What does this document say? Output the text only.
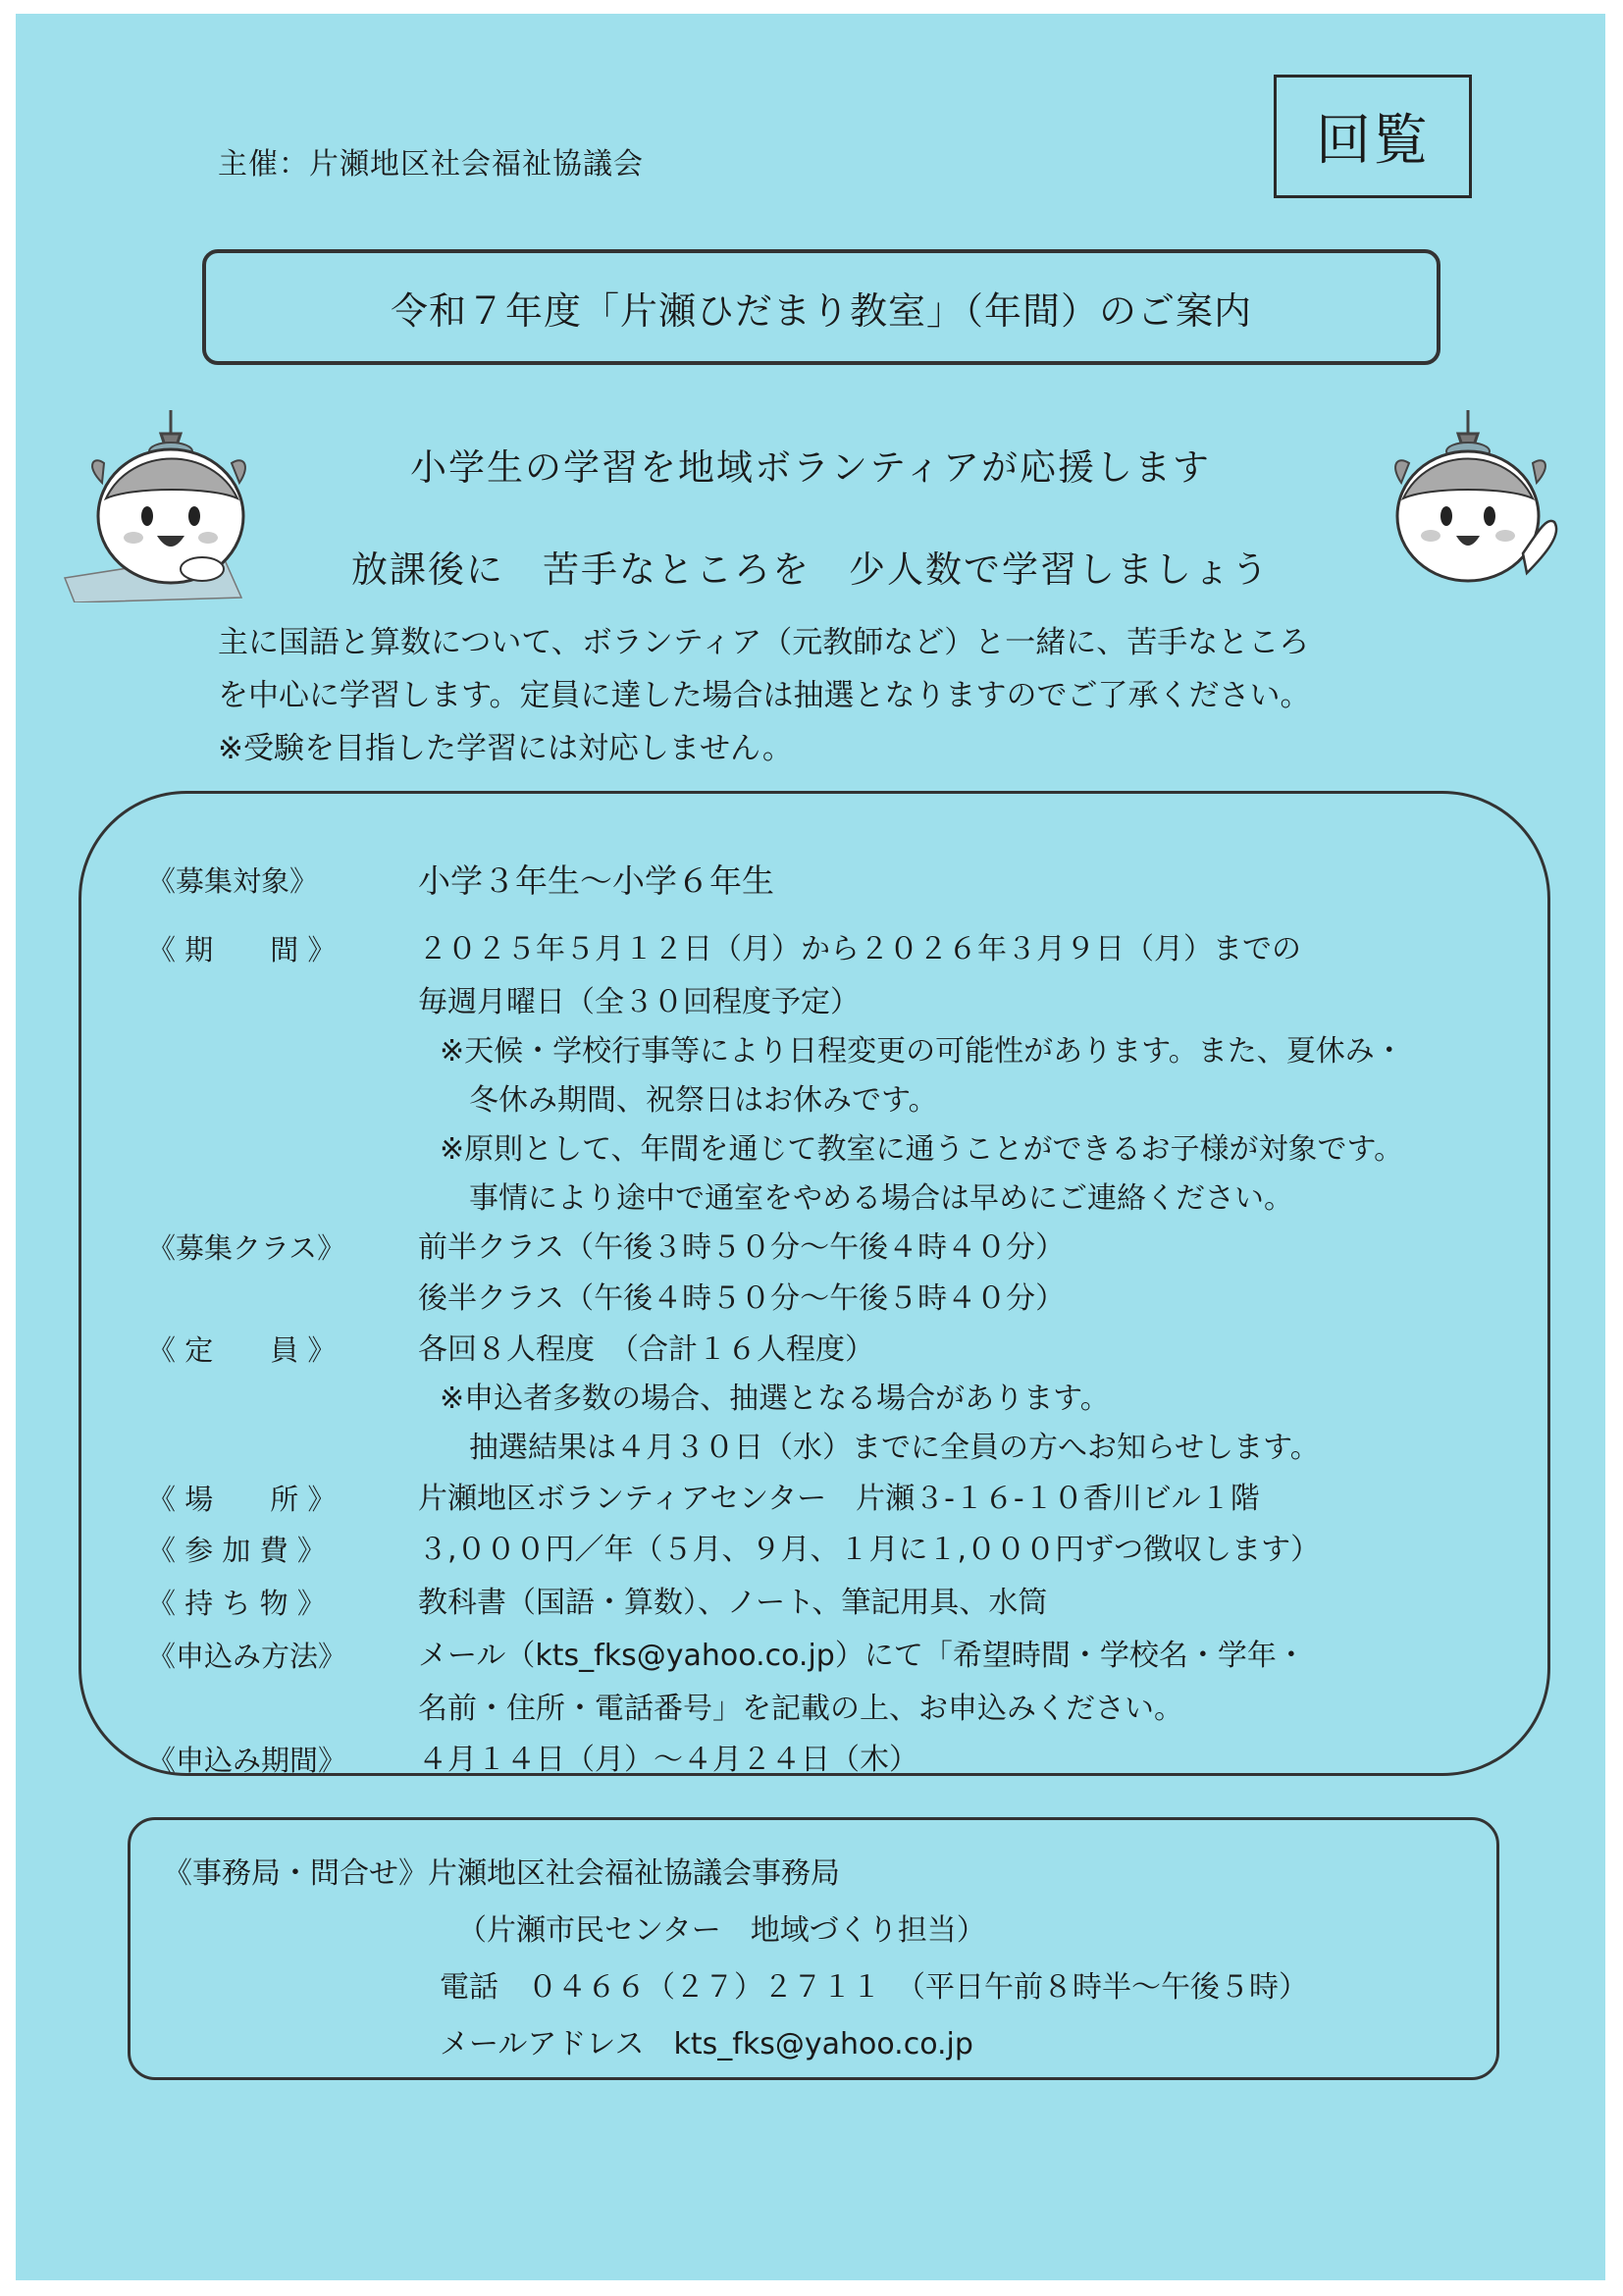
主催：片瀬地区社会福祉協議会	回覧
令和７年度「片瀬ひだまり教室」（年間）のご案内
小学生の学習を地域ボランティアが応援します
放課後に　苦手なところを　少人数で学習しましょう
主に国語と算数について、ボランティア（元教師など）と一緒に、苦手なところ
を中心に学習します。定員に達した場合は抽選となりますのでご了承ください。
※受験を目指した学習には対応しません。
《募集対象》	小学３年生～小学６年生
《 期　　間 》	２０２５年５月１２日（月）から２０２６年３月９日（月）までの
毎週月曜日（全３０回程度予定）
※天候・学校行事等により日程変更の可能性があります。また、夏休み・
冬休み期間、祝祭日はお休みです。
※原則として、年間を通じて教室に通うことができるお子様が対象です。
事情により途中で通室をやめる場合は早めにご連絡ください。
《募集クラス》	前半クラス（午後３時５０分～午後４時４０分）
後半クラス（午後４時５０分～午後５時４０分）
《 定　　員 》	各回８人程度　（合計１６人程度）
※申込者多数の場合、抽選となる場合があります。
抽選結果は４月３０日（水）までに全員の方へお知らせします。
《 場　　所 》	片瀬地区ボランティアセンター　片瀬３-１６-１０香川ビル１階
《 参 加 費 》	３,０００円／年（５月、９月、１月に１,０００円ずつ徴収します）
《 持 ち 物 》	教科書（国語・算数）、ノート、筆記用具、水筒
《申込み方法》	メール（kts_fks@yahoo.co.jp）にて「希望時間・学校名・学年・
名前・住所・電話番号」を記載の上、お申込みください。
《申込み期間》	４月１４日（月）～４月２４日（木）
《事務局・問合せ》片瀬地区社会福祉協議会事務局
（片瀬市民センター　地域づくり担当）
電話　０４６６（２７）２７１１　（平日午前８時半～午後５時）
メールアドレス　kts_fks@yahoo.co.jp
